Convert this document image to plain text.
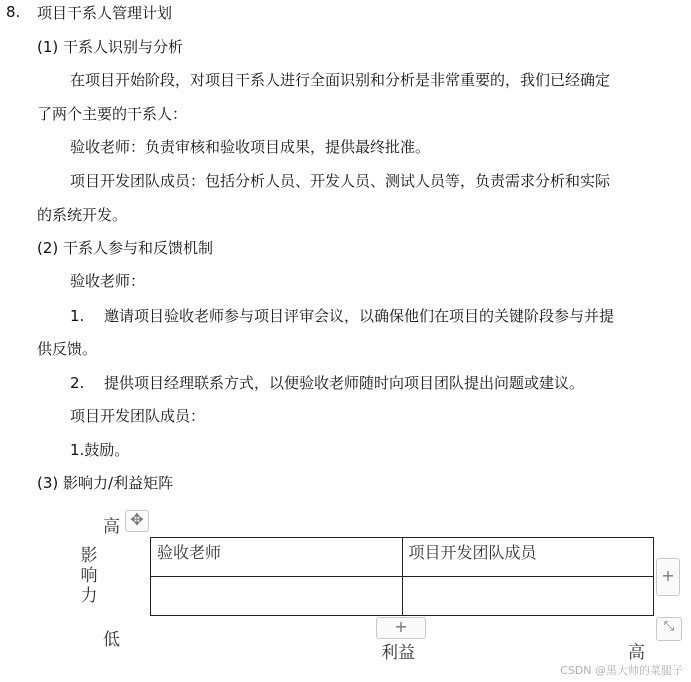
8. 项目干系人管理计划
(1) 干系人识别与分析
在项目开始阶段，对项目干系人进行全面识别和分析是非常重要的，我们已经确定
了两个主要的干系人：
验收老师：负责审核和验收项目成果，提供最终批准。
项目开发团队成员：包括分析人员、开发人员、测试人员等，负责需求分析和实际
的系统开发。
(2) 干系人参与和反馈机制
验收老师：
1. 邀请项目验收老师参与项目评审会议，以确保他们在项目的关键阶段参与并提
供反馈。
2. 提供项目经理联系方式，以便验收老师随时向项目团队提出问题或建议。
项目开发团队成员：
1.鼓励。
(3) 影响力/利益矩阵
高 ✥
影响力
验收老师	项目开发团队成员

+
+	⤡
低
利益	高
CSDN @黑大帅的菜腿子
